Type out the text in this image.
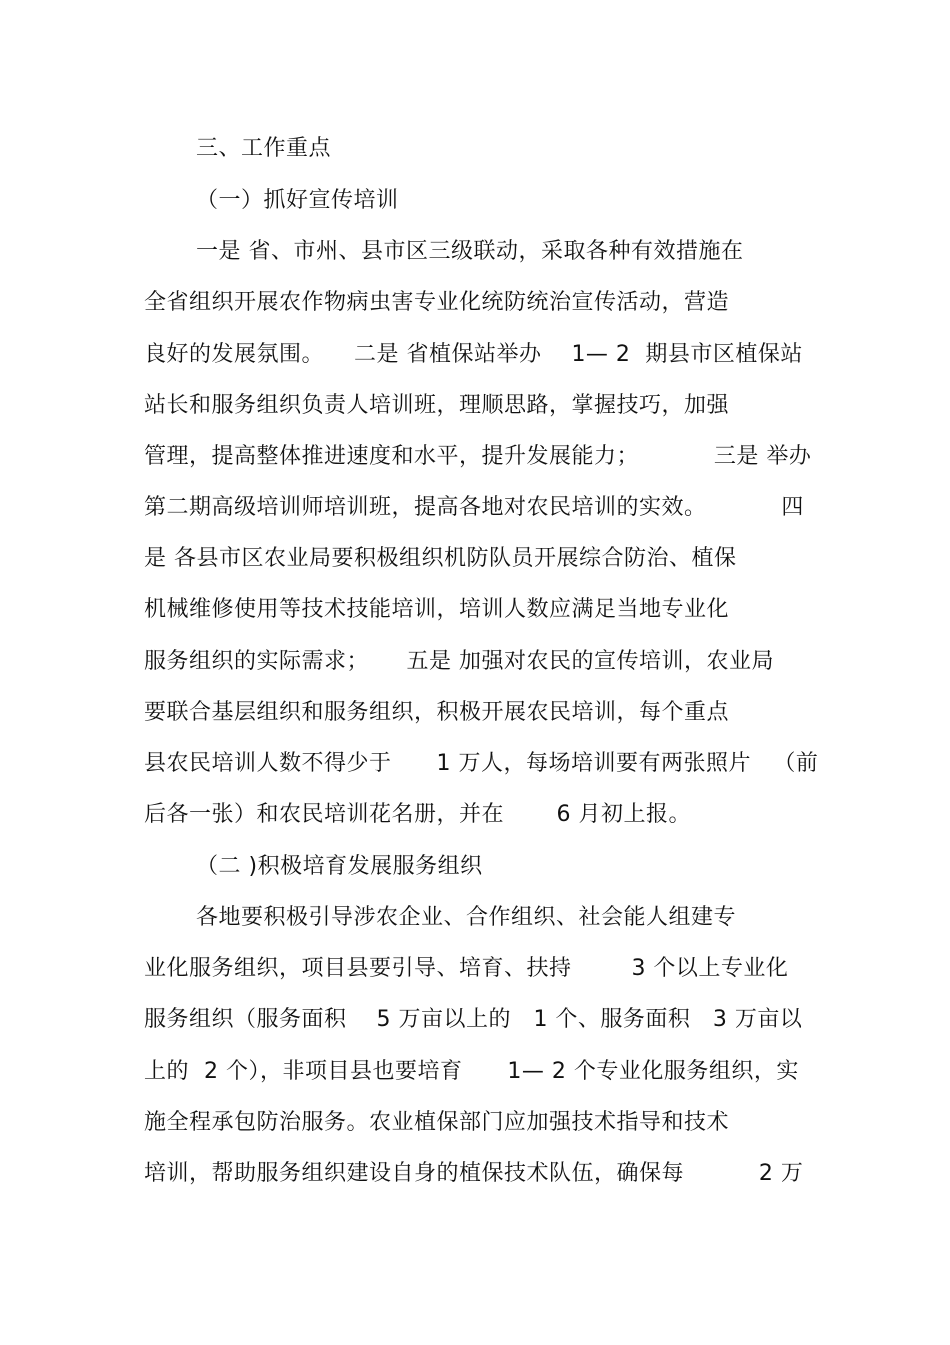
三、工作重点
（一）抓好宣传培训
一是 省、市州、县市区三级联动，采取各种有效措施在
全省组织开展农作物病虫害专业化统防统治宣传活动，营造
良好的发展氛围。    二是 省植保站举办    1— 2  期县市区植保站
站长和服务组织负责人培训班，理顺思路，掌握技巧，加强
管理，提高整体推进速度和水平，提升发展能力；          三是 举办
第二期高级培训师培训班，提高各地对农民培训的实效。          四
是 各县市区农业局要积极组织机防队员开展综合防治、植保
机械维修使用等技术技能培训，培训人数应满足当地专业化
服务组织的实际需求；     五是 加强对农民的宣传培训，农业局
要联合基层组织和服务组织，积极开展农民培训，每个重点
县农民培训人数不得少于      1 万人，每场培训要有两张照片   （前
后各一张）和农民培训花名册，并在       6 月初上报。
（二 )积极培育发展服务组织
各地要积极引导涉农企业、合作组织、社会能人组建专
业化服务组织，项目县要引导、培育、扶持        3 个以上专业化
服务组织（服务面积    5 万亩以上的   1 个、服务面积   3 万亩以
上的  2 个），非项目县也要培育      1— 2 个专业化服务组织，实
施全程承包防治服务。农业植保部门应加强技术指导和技术
培训，帮助服务组织建设自身的植保技术队伍，确保每          2 万
